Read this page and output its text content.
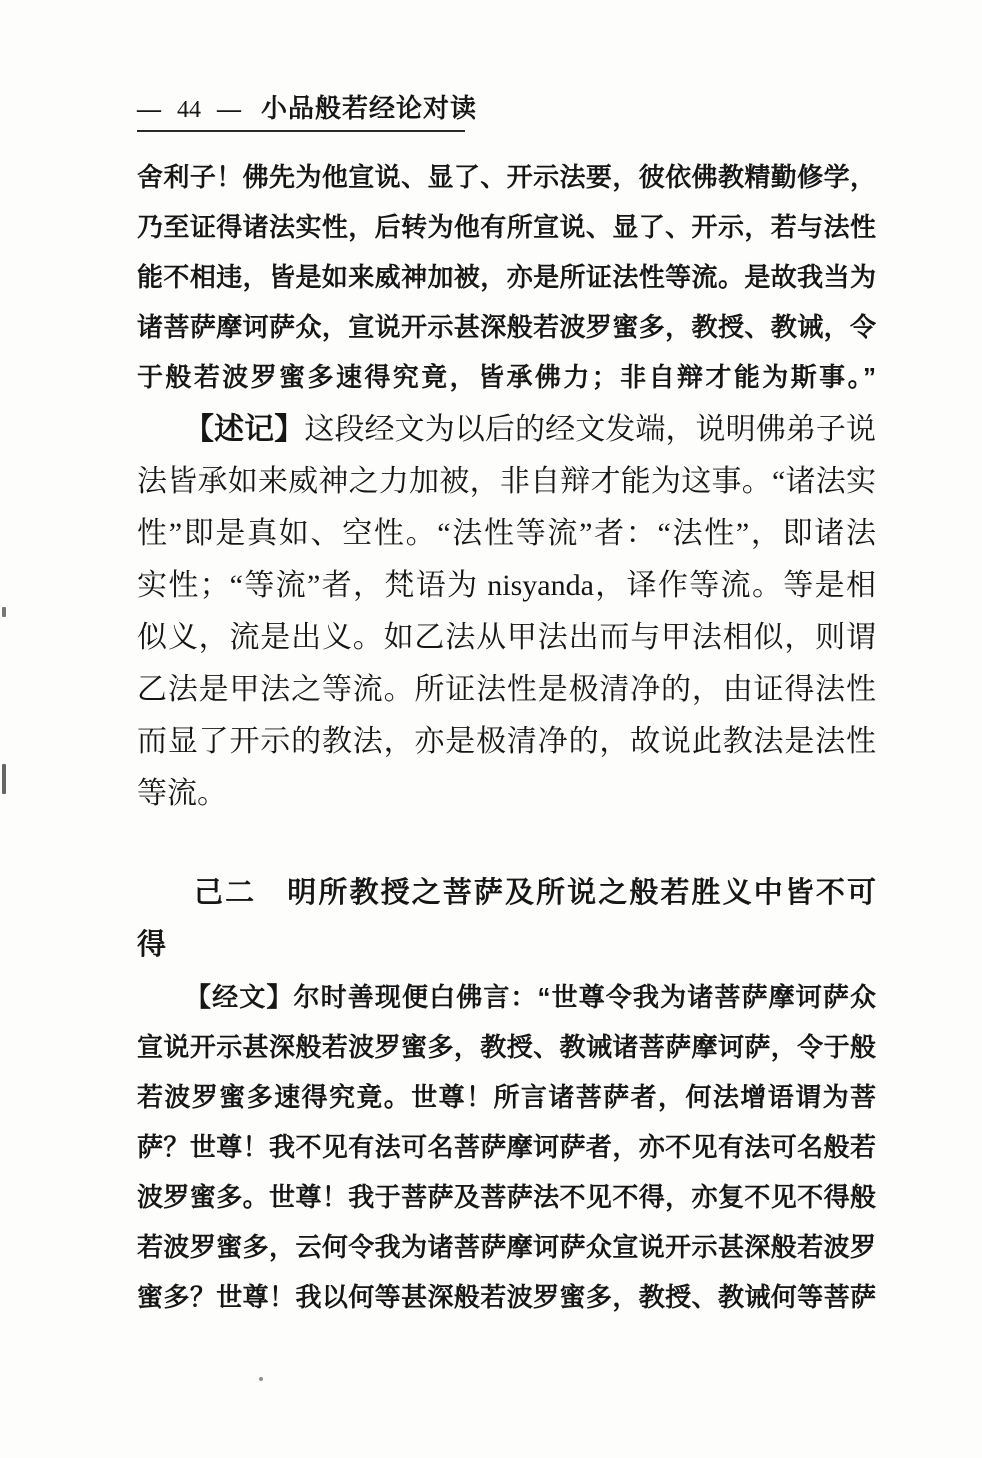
— 44 — 小品般若经论对读
舍利子！佛先为他宣说、显了、开示法要，彼依佛教精勤修学，
乃至证得诸法实性，后转为他有所宣说、显了、开示，若与法性
能不相违，皆是如来威神加被，亦是所证法性等流。是故我当为
诸菩萨摩诃萨众，宣说开示甚深般若波罗蜜多，教授、教诫，令
于般若波罗蜜多速得究竟，皆承佛力；非自辩才能为斯事。”
【述记】这段经文为以后的经文发端，说明佛弟子说
法皆承如来威神之力加被，非自辩才能为这事。“诸法实
性”即是真如、空性。“法性等流”者：“法性”，即诸法
实性；“等流”者，梵语为 nisyanda，译作等流。等是相
似义，流是出义。如乙法从甲法出而与甲法相似，则谓
乙法是甲法之等流。所证法性是极清净的，由证得法性
而显了开示的教法，亦是极清净的，故说此教法是法性
等流。
己二　明所教授之菩萨及所说之般若胜义中皆不可
得
【经文】尔时善现便白佛言：“世尊令我为诸菩萨摩诃萨众
宣说开示甚深般若波罗蜜多，教授、教诫诸菩萨摩诃萨，令于般
若波罗蜜多速得究竟。世尊！所言诸菩萨者，何法增语谓为菩
萨？世尊！我不见有法可名菩萨摩诃萨者，亦不见有法可名般若
波罗蜜多。世尊！我于菩萨及菩萨法不见不得，亦复不见不得般
若波罗蜜多，云何令我为诸菩萨摩诃萨众宣说开示甚深般若波罗
蜜多？世尊！我以何等甚深般若波罗蜜多，教授、教诫何等菩萨
